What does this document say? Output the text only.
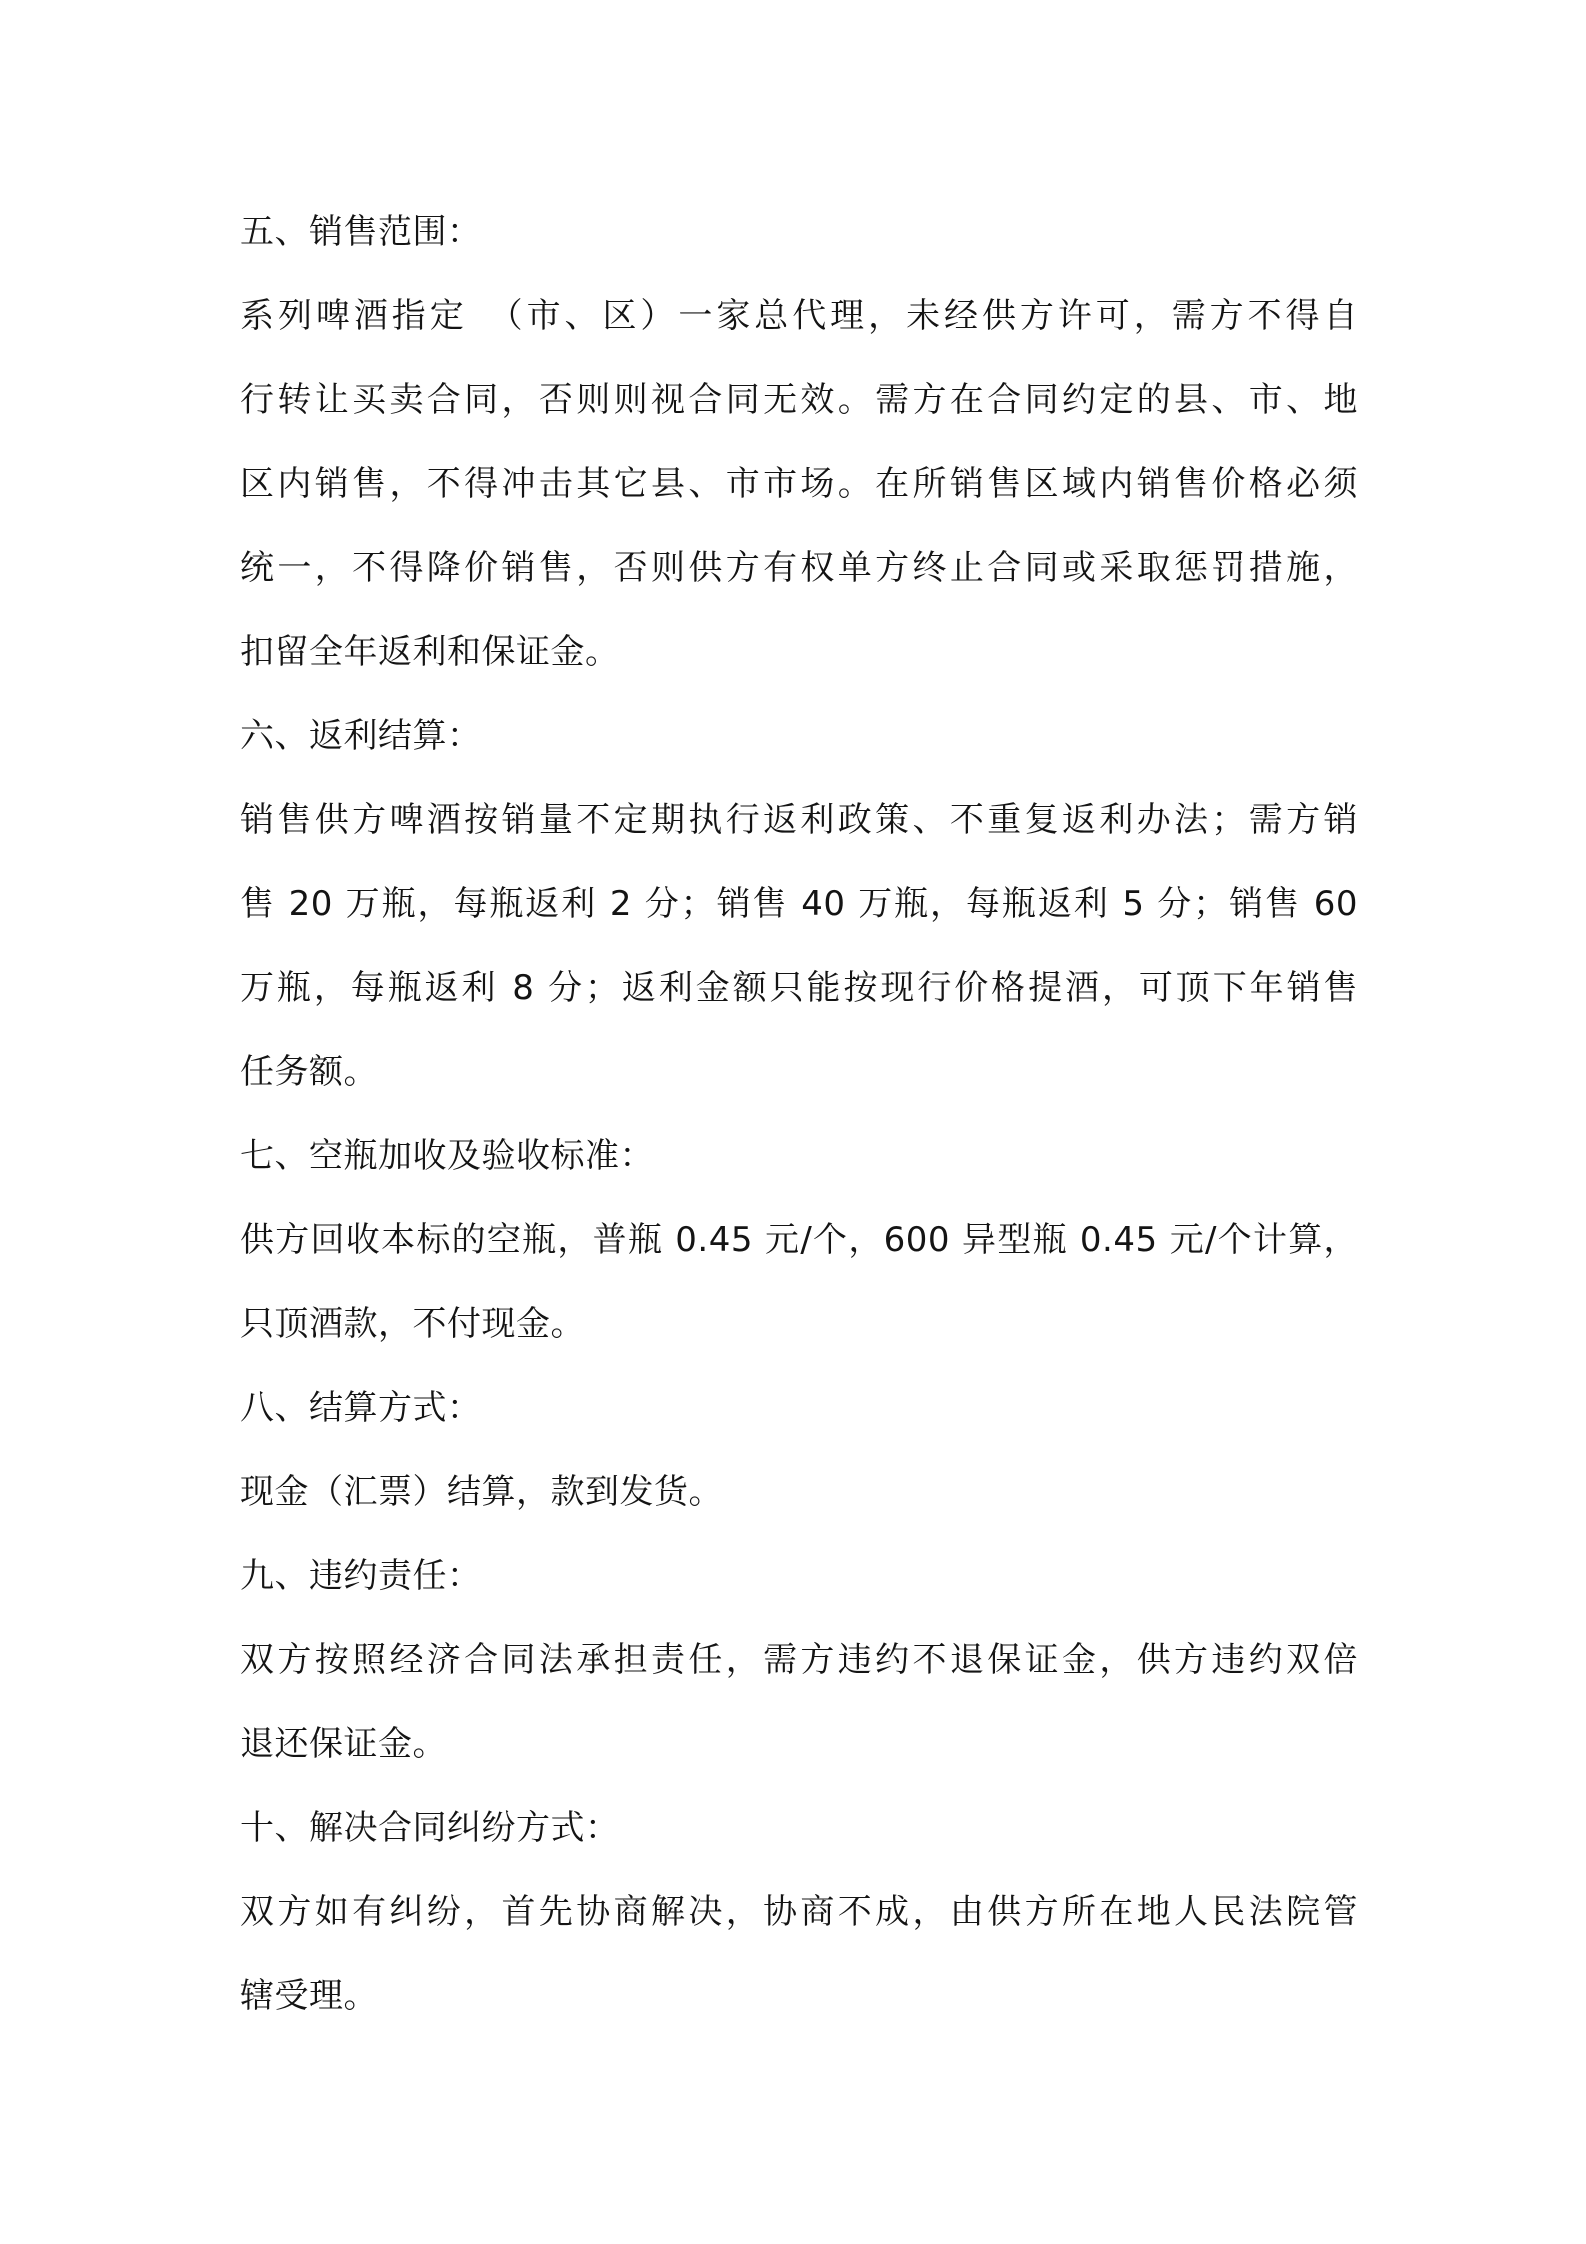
五、销售范围：
系列啤酒指定　（市、区）一家总代理，未经供方许可，需方不得自
行转让买卖合同，否则则视合同无效。需方在合同约定的县、市、地
区内销售，不得冲击其它县、市市场。在所销售区域内销售价格必须
统一，不得降价销售，否则供方有权单方终止合同或采取惩罚措施，
扣留全年返利和保证金。
六、返利结算：
销售供方啤酒按销量不定期执行返利政策、不重复返利办法；需方销
售 20 万瓶，每瓶返利 2 分；销售 40 万瓶，每瓶返利 5 分；销售 60
万瓶，每瓶返利 8 分；返利金额只能按现行价格提酒，可顶下年销售
任务额。
七、空瓶加收及验收标准：
供方回收本标的空瓶，普瓶 0.45 元/个，600 异型瓶 0.45 元/个计算，
只顶酒款，不付现金。
八、结算方式：
现金（汇票）结算，款到发货。
九、违约责任：
双方按照经济合同法承担责任，需方违约不退保证金，供方违约双倍
退还保证金。
十、解决合同纠纷方式：
双方如有纠纷，首先协商解决，协商不成，由供方所在地人民法院管
辖受理。
